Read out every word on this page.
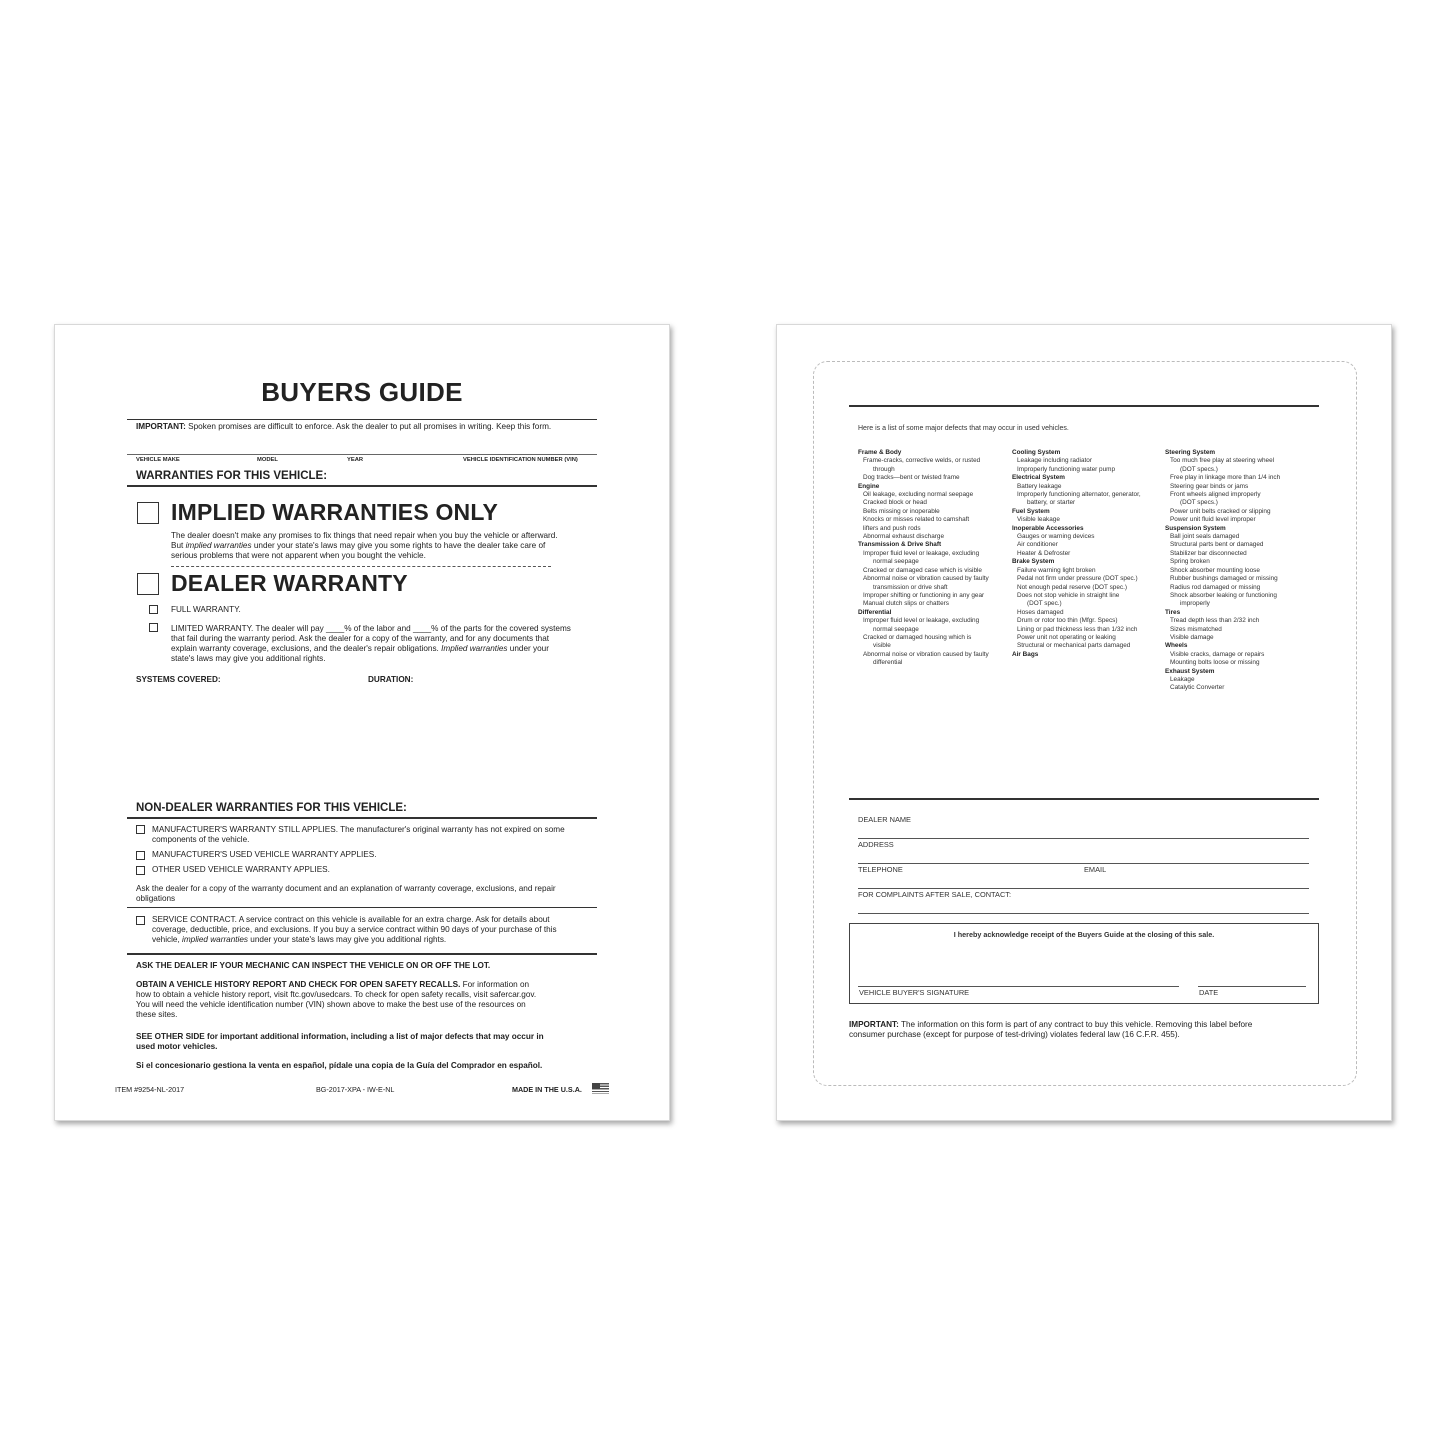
BUYERS GUIDE
IMPORTANT: Spoken promises are difficult to enforce. Ask the dealer to put all promises in writing. Keep this form.
VEHICLE MAKE	MODEL	YEAR	VEHICLE IDENTIFICATION NUMBER (VIN)
WARRANTIES FOR THIS VEHICLE:
IMPLIED WARRANTIES ONLY
The dealer doesn't make any promises to fix things that need repair when you buy the vehicle or afterward.
But implied warranties under your state's laws may give you some rights to have the dealer take care of
serious problems that were not apparent when you bought the vehicle.
DEALER WARRANTY
FULL WARRANTY.
LIMITED WARRANTY. The dealer will pay ____% of the labor and ____% of the parts for the covered systems
that fail during the warranty period. Ask the dealer for a copy of the warranty, and for any documents that
explain warranty coverage, exclusions, and the dealer's repair obligations. Implied warranties under your
state's laws may give you additional rights.
SYSTEMS COVERED:	DURATION:
NON-DEALER WARRANTIES FOR THIS VEHICLE:
MANUFACTURER'S WARRANTY STILL APPLIES. The manufacturer's original warranty has not expired on some
components of the vehicle.
MANUFACTURER'S USED VEHICLE WARRANTY APPLIES.
OTHER USED VEHICLE WARRANTY APPLIES.
Ask the dealer for a copy of the warranty document and an explanation of warranty coverage, exclusions, and repair
obligations
SERVICE CONTRACT. A service contract on this vehicle is available for an extra charge. Ask for details about
coverage, deductible, price, and exclusions. If you buy a service contract within 90 days of your purchase of this
vehicle, implied warranties under your state's laws may give you additional rights.
ASK THE DEALER IF YOUR MECHANIC CAN INSPECT THE VEHICLE ON OR OFF THE LOT.
OBTAIN A VEHICLE HISTORY REPORT AND CHECK FOR OPEN SAFETY RECALLS. For information on
how to obtain a vehicle history report, visit ftc.gov/usedcars. To check for open safety recalls, visit safercar.gov.
You will need the vehicle identification number (VIN) shown above to make the best use of the resources on
these sites.
SEE OTHER SIDE for important additional information, including a list of major defects that may occur in
used motor vehicles.
Si el concesionario gestiona la venta en español, pídale una copia de la Guía del Comprador en español.
ITEM #9254-NL-2017	BG-2017-XPA - IW-E-NL	MADE IN THE U.S.A.
Here is a list of some major defects that may occur in used vehicles.
Frame & Body
Frame-cracks, corrective welds, or rusted
through
Dog tracks—bent or twisted frame
Engine
Oil leakage, excluding normal seepage
Cracked block or head
Belts missing or inoperable
Knocks or misses related to camshaft
lifters and push rods
Abnormal exhaust discharge
Transmission & Drive Shaft
Improper fluid level or leakage, excluding
normal seepage
Cracked or damaged case which is visible
Abnormal noise or vibration caused by faulty
transmission or drive shaft
Improper shifting or functioning in any gear
Manual clutch slips or chatters
Differential
Improper fluid level or leakage, excluding
normal seepage
Cracked or damaged housing which is
visible
Abnormal noise or vibration caused by faulty
differential
Cooling System
Leakage including radiator
Improperly functioning water pump
Electrical System
Battery leakage
Improperly functioning alternator, generator,
battery, or starter
Fuel System
Visible leakage
Inoperable Accessories
Gauges or warning devices
Air conditioner
Heater & Defroster
Brake System
Failure warning light broken
Pedal not firm under pressure (DOT spec.)
Not enough pedal reserve (DOT spec.)
Does not stop vehicle in straight line
(DOT spec.)
Hoses damaged
Drum or rotor too thin (Mfgr. Specs)
Lining or pad thickness less than 1/32 inch
Power unit not operating or leaking
Structural or mechanical parts damaged
Air Bags
Steering System
Too much free play at steering wheel
(DOT specs.)
Free play in linkage more than 1/4 inch
Steering gear binds or jams
Front wheels aligned improperly
(DOT specs.)
Power unit belts cracked or slipping
Power unit fluid level improper
Suspension System
Ball joint seals damaged
Structural parts bent or damaged
Stabilizer bar disconnected
Spring broken
Shock absorber mounting loose
Rubber bushings damaged or missing
Radius rod damaged or missing
Shock absorber leaking or functioning
improperly
Tires
Tread depth less than 2/32 inch
Sizes mismatched
Visible damage
Wheels
Visible cracks, damage or repairs
Mounting bolts loose or missing
Exhaust System
Leakage
Catalytic Converter
DEALER NAME
ADDRESS
TELEPHONE	EMAIL
FOR COMPLAINTS AFTER SALE, CONTACT:
I hereby acknowledge receipt of the Buyers Guide at the closing of this sale.
VEHICLE BUYER'S SIGNATURE	DATE
IMPORTANT: The information on this form is part of any contract to buy this vehicle. Removing this label before
consumer purchase (except for purpose of test-driving) violates federal law (16 C.F.R. 455).
